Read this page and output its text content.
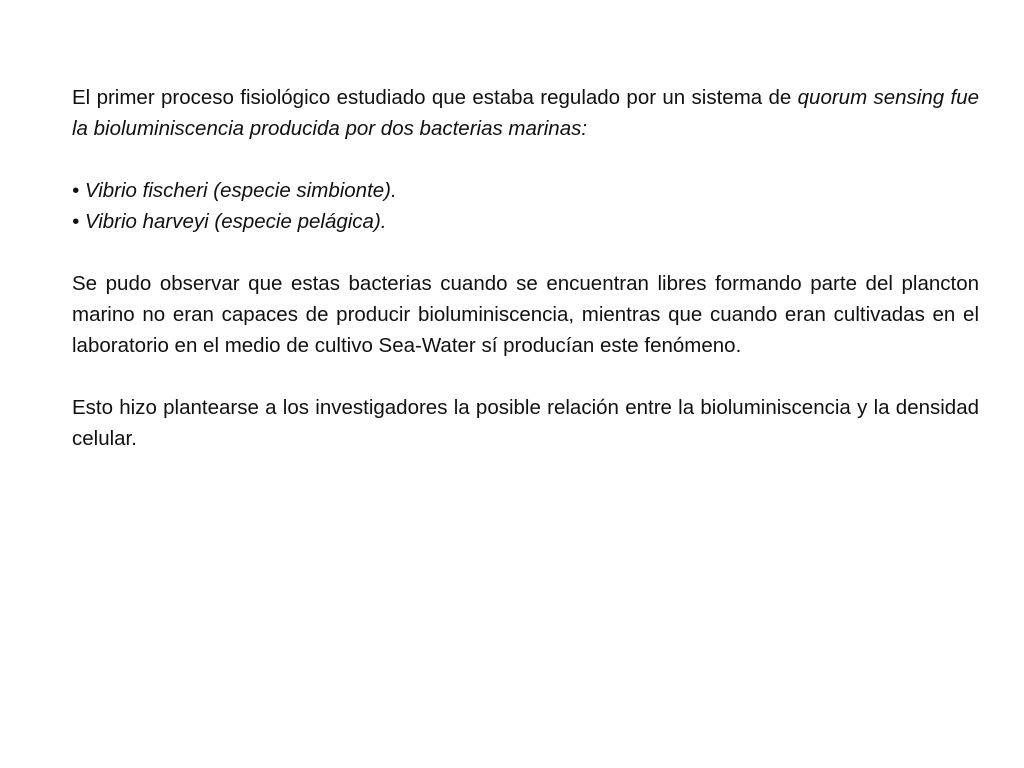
El primer proceso fisiológico estudiado que estaba regulado por un sistema de quorum sensing fue la bioluminiscencia producida por dos bacterias marinas:

• Vibrio fischeri (especie simbionte).

• Vibrio harveyi (especie pelágica).

Se pudo observar que estas bacterias cuando se encuentran libres formando parte del plancton marino no eran capaces de producir bioluminiscencia, mientras que cuando eran cultivadas en el laboratorio en el medio de cultivo Sea-Water sí producían este fenómeno.

Esto hizo plantearse a los investigadores la posible relación entre la bioluminiscencia y la densidad celular.
